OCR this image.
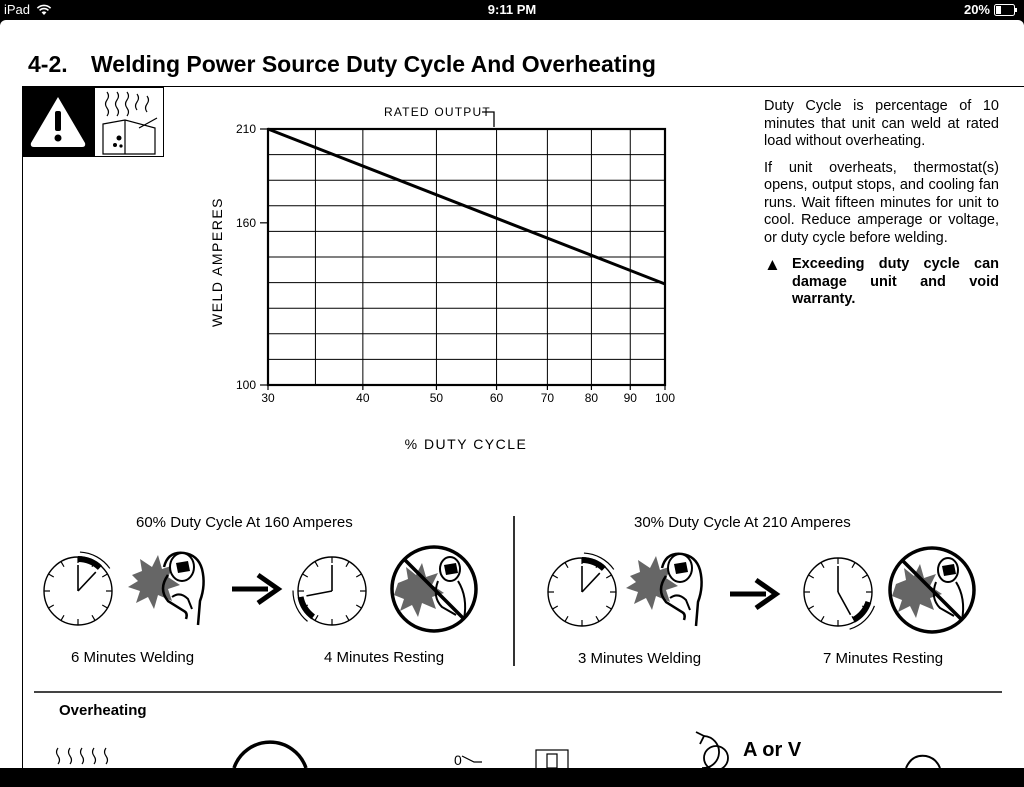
iPad	9:11 PM	20%
4-2. Welding Power Source Duty Cycle And Overheating
30	40	50	60	70	80 90 100
100
160
210
RATED OUTPUT
WELD AMPERES
% DUTY CYCLE

Duty Cycle is percentage of 10 minutes that unit can weld at rated load without overheating.

If unit overheats, thermostat(s) opens, output stops, and cooling fan runs. Wait fifteen minutes for unit to cool. Reduce amperage or voltage, or duty cycle before welding.

▲ Exceeding duty cycle can damage unit and void warranty.
60% Duty Cycle At 160 Amperes
6 Minutes Welding	4 Minutes Resting
30% Duty Cycle At 210 Amperes
3 Minutes Welding	7 Minutes Resting
Overheating
0	A or V
